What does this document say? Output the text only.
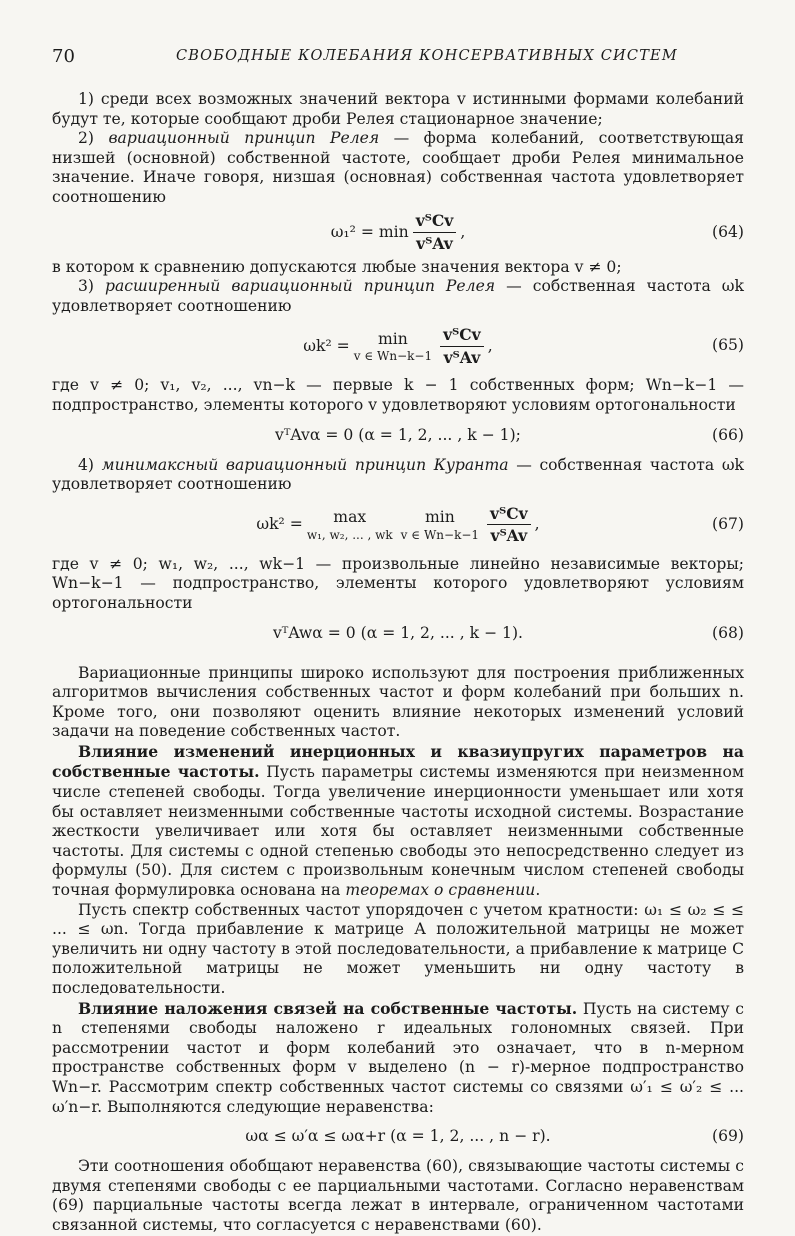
70	СВОБОДНЫЕ КОЛЕБАНИЯ КОНСЕРВАТИВНЫХ СИСТЕМ

1) среди всех возможных значений вектора v истинными формами колебаний будут те, которые сообщают дроби Релея стационарное значение;

2) вариационный принцип Релея — форма колебаний, соответствующая низшей (основной) собственной частоте, сообщает дроби Релея минимальное значение. Иначе говоря, низшая (основная) собственная частота удовлетворяет соотношению

$\omega_1^2 = \min \frac{\text{vᵀCv}}{\text{vᵀAv}}$ ,	(64)

в котором к сравнению допускаются любые значения вектора v ≠ 0;

3) расширенный вариационный принцип Релея — собственная частота ωk удовлетворяет соотношению

ωk² = min
v ∈ $Wn-k-1 \frac{\text{vᵀCv}}{\text{vᵀAv}}$ ,	(65)

где v ≠ 0; v₁, v₂, ..., vn−k — первые k − 1 собственных форм; Wn−k−1 — подпространство, элементы которого v удовлетворяют условиям ортогональности

vᵀAvα = 0 (α = 1, 2, ... , k − 1);	(66)

4) минимаксный вариационный принцип Куранта — собственная частота ωk удовлетворяет соотношению

ωk² = max
w₁, w₂, ... , wk
min
v ∈ $Wn-k-1 \frac{\text{vᵀCv}}{\text{vᵀAv}}$ ,	(67)

где v ≠ 0; w₁, w₂, ..., wk−1 — произвольные линейно независимые векторы; Wn−k−1 — подпространство, элементы которого удовлетворяют условиям ортогональности

vᵀAwα = 0 (α = 1, 2, ... , k − 1).	(68)

Вариационные принципы широко используют для построения приближенных алгоритмов вычисления собственных частот и форм колебаний при больших n. Кроме того, они позволяют оценить влияние некоторых изменений условий задачи на поведение собственных частот.

Влияние изменений инерционных и квазиупругих параметров на собственные частоты. Пусть параметры системы изменяются при неизменном числе степеней свободы. Тогда увеличение инерционности уменьшает или хотя бы оставляет неизменными собственные частоты исходной системы. Возрастание жесткости увеличивает или хотя бы оставляет неизменными собственные частоты. Для системы с одной степенью свободы это непосредственно следует из формулы (50). Для систем с произвольным конечным числом степеней свободы точная формулировка основана на теоремах о сравнении.

Пусть спектр собственных частот упорядочен с учетом кратности: ω₁ ≤ ω₂ ≤ ≤ ... ≤ ωn. Тогда прибавление к матрице A положительной матрицы не может увеличить ни одну частоту в этой последовательности, а прибавление к матрице C положительной матрицы не может уменьшить ни одну частоту в последовательности.

Влияние наложения связей на собственные частоты. Пусть на систему с n степенями свободы наложено r идеальных голономных связей. При рассмотрении частот и форм колебаний это означает, что в n-мерном пространстве собственных форм v выделено (n − r)-мерное подпространство Wn−r. Рассмотрим спектр собственных частот системы со связями ω′₁ ≤ ω′₂ ≤ ... ω′n−r. Выполняются следующие неравенства:

ωα ≤ ω′α ≤ ωα+r (α = 1, 2, ... , n − r).	(69)

Эти соотношения обобщают неравенства (60), связывающие частоты системы с двумя степенями свободы с ее парциальными частотами. Согласно неравенствам (69) парциальные частоты всегда лежат в интервале, ограниченном частотами связанной системы, что согласуется с неравенствами (60).
